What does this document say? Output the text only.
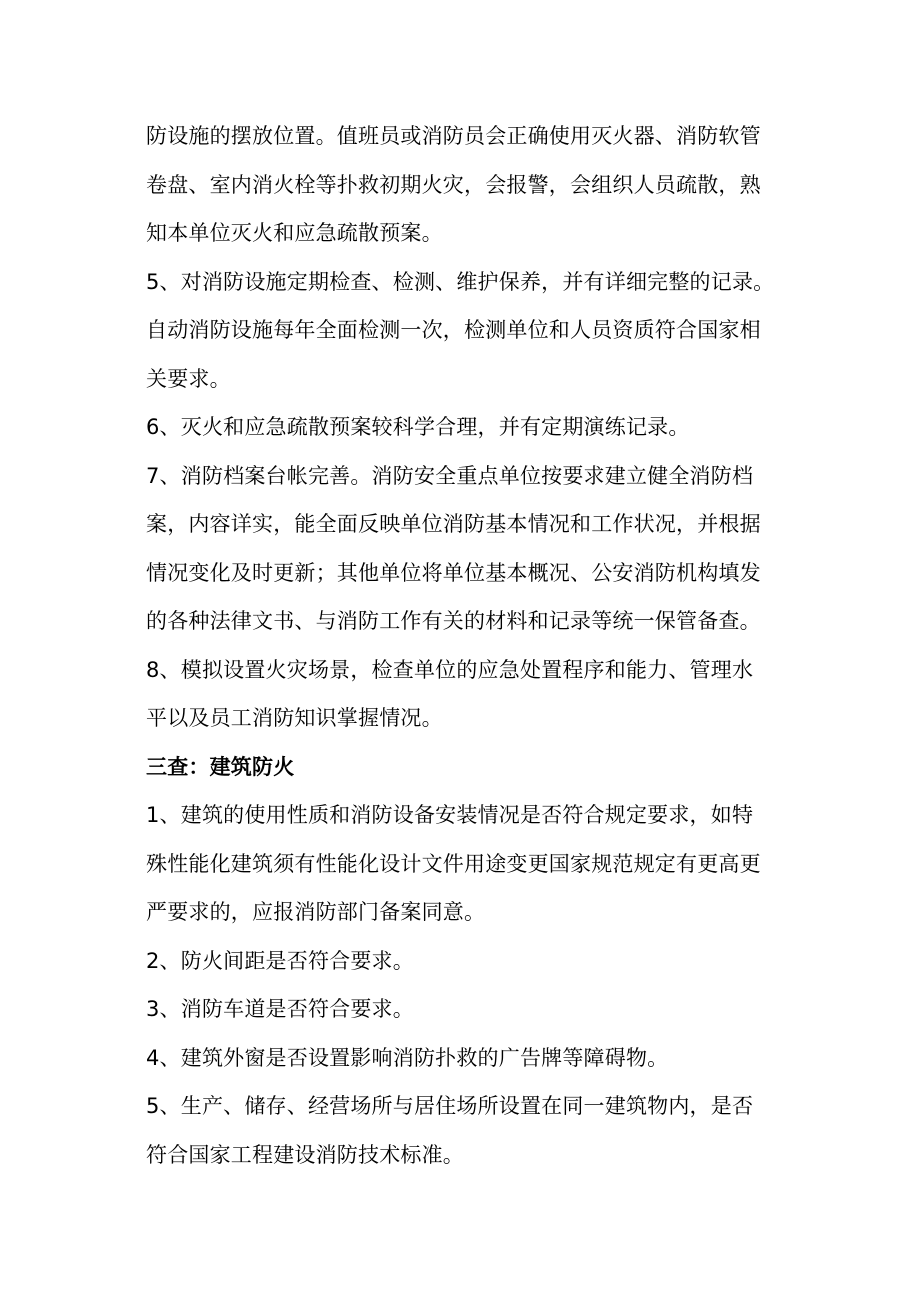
防设施的摆放位置。值班员或消防员会正确使用灭火器、消防软管
卷盘、室内消火栓等扑救初期火灾，会报警，会组织人员疏散，熟
知本单位灭火和应急疏散预案。
5、对消防设施定期检查、检测、维护保养，并有详细完整的记录。
自动消防设施每年全面检测一次，检测单位和人员资质符合国家相
关要求。
6、灭火和应急疏散预案较科学合理，并有定期演练记录。
7、消防档案台帐完善。消防安全重点单位按要求建立健全消防档
案，内容详实，能全面反映单位消防基本情况和工作状况，并根据
情况变化及时更新；其他单位将单位基本概况、公安消防机构填发
的各种法律文书、与消防工作有关的材料和记录等统一保管备查。
8、模拟设置火灾场景，检查单位的应急处置程序和能力、管理水
平以及员工消防知识掌握情况。
三查：建筑防火
1、建筑的使用性质和消防设备安装情况是否符合规定要求，如特
殊性能化建筑须有性能化设计文件用途变更国家规范规定有更高更
严要求的，应报消防部门备案同意。
2、防火间距是否符合要求。
3、消防车道是否符合要求。
4、建筑外窗是否设置影响消防扑救的广告牌等障碍物。
5、生产、储存、经营场所与居住场所设置在同一建筑物内，是否
符合国家工程建设消防技术标准。
